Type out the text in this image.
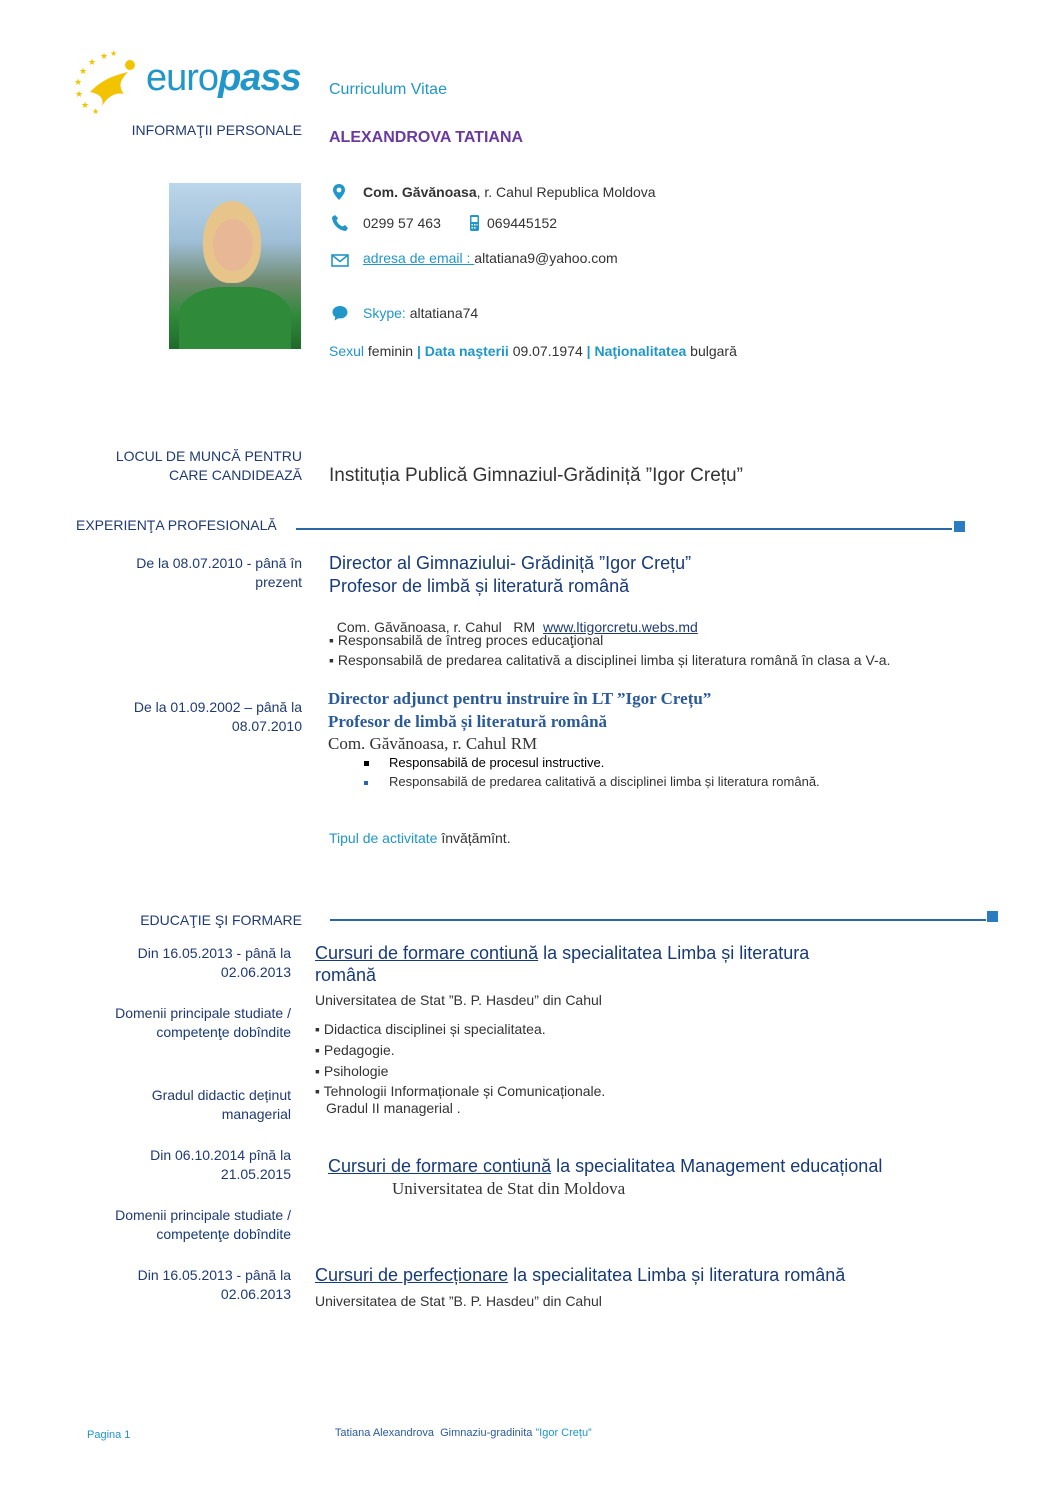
★ ★
★
★
★
★
★
★
europass Curriculum Vitae
INFORMAŢII PERSONALE ALEXANDROVA TATIANA
Com. Găvănoasa, r. Cahul Republica Moldova
0299 57 463	069445152
adresa de email : altatiana9@yahoo.com
Skype: altatiana74
Sexul feminin | Data naşterii 09.07.1974 | Naţionalitatea bulgară
LOCUL DE MUNCĂ PENTRU
CARE CANDIDEAZĂ Instituția Publică Gimnaziul-Grădiniță ”Igor Crețu”
EXPERIENŢA PROFESIONALĂ
De la 08.07.2010 - până în
prezent
Director al Gimnaziului- Grădiniță ”Igor Crețu”
Profesor de limbă și literatură română

Com. Găvănoasa, r. Cahul   RM  www.ltigorcretu.webs.md

▪ Responsabilă de întreg proces educaţional
▪ Responsabilă de predarea calitativă a disciplinei limba și literatura română în clasa a V-a.
De la 01.09.2002 – până la
08.07.2010
Director adjunct pentru instruire în LT ”Igor Crețu”
Profesor de limbă și literatură română
Com. Găvănoasa, r. Cahul RM
Responsabilă de procesul instructive.
Responsabilă de predarea calitativă a disciplinei limba și literatura română.
Tipul de activitate învățămînt.
EDUCAŢIE ŞI FORMARE
Din 16.05.2013 - până la
02.06.2013
Cursuri de formare contiună la specialitatea Limba și literatura
română
Universitatea de Stat ”B. P. Hasdeu” din Cahul
Domenii principale studiate /
competenţe dobîndite ▪ Didactica disciplinei și specialitatea.
▪ Pedagogie.
▪ Psihologie
▪ Tehnologii Informaționale și Comunicaționale.
Gradul didactic deținut
managerial	Gradul II managerial .
Din 06.10.2014 pînă la
21.05.2015 Cursuri de formare contiună la specialitatea Management educațional
Universitatea de Stat din Moldova
Domenii principale studiate /
competenţe dobîndite
Din 16.05.2013 - până la
02.06.2013
Cursuri de perfecționare la specialitatea Limba și literatura română
Universitatea de Stat ”B. P. Hasdeu” din Cahul

Tatiana Alexandrova  Gimnaziu-gradinita ”Igor Crețu”

Pagina 1
